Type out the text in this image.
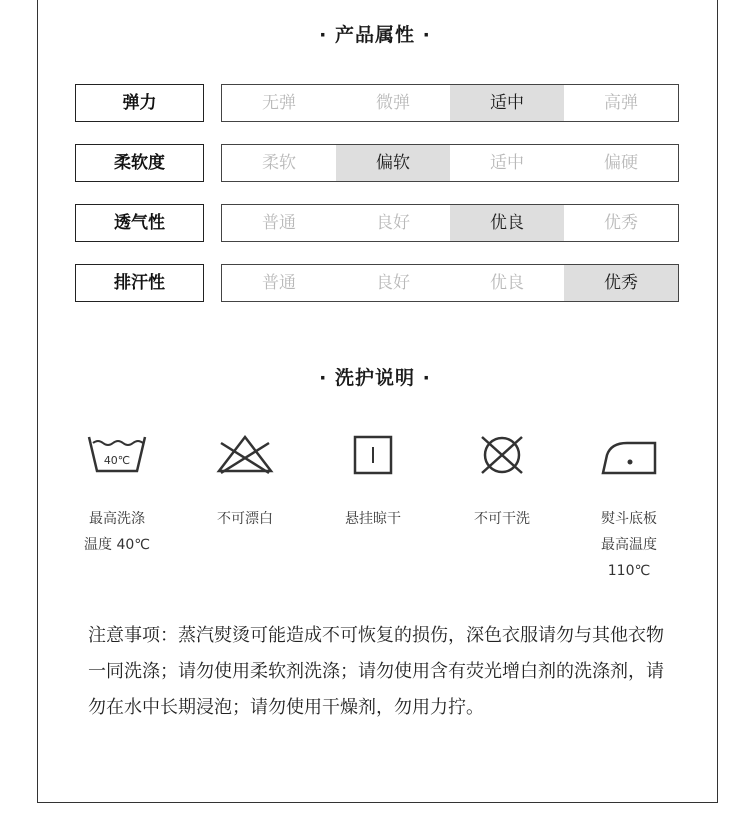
· 产品属性 ·
弹力	无弹	微弹	适中	高弹
柔软度	柔软	偏软	适中	偏硬
透气性	普通	良好	优良	优秀
排汗性	普通	良好	优良	优秀
· 洗护说明 ·
40℃
最高洗涤
温度 40℃
不可漂白	悬挂晾干	不可干洗	熨斗底板
最高温度
110℃
注意事项：蒸汽熨烫可能造成不可恢复的损伤，深色衣服请勿与其他衣物一同洗涤；请勿使用柔软剂洗涤；请勿使用含有荧光增白剂的洗涤剂，请勿在水中长期浸泡；请勿使用干燥剂，勿用力拧。
